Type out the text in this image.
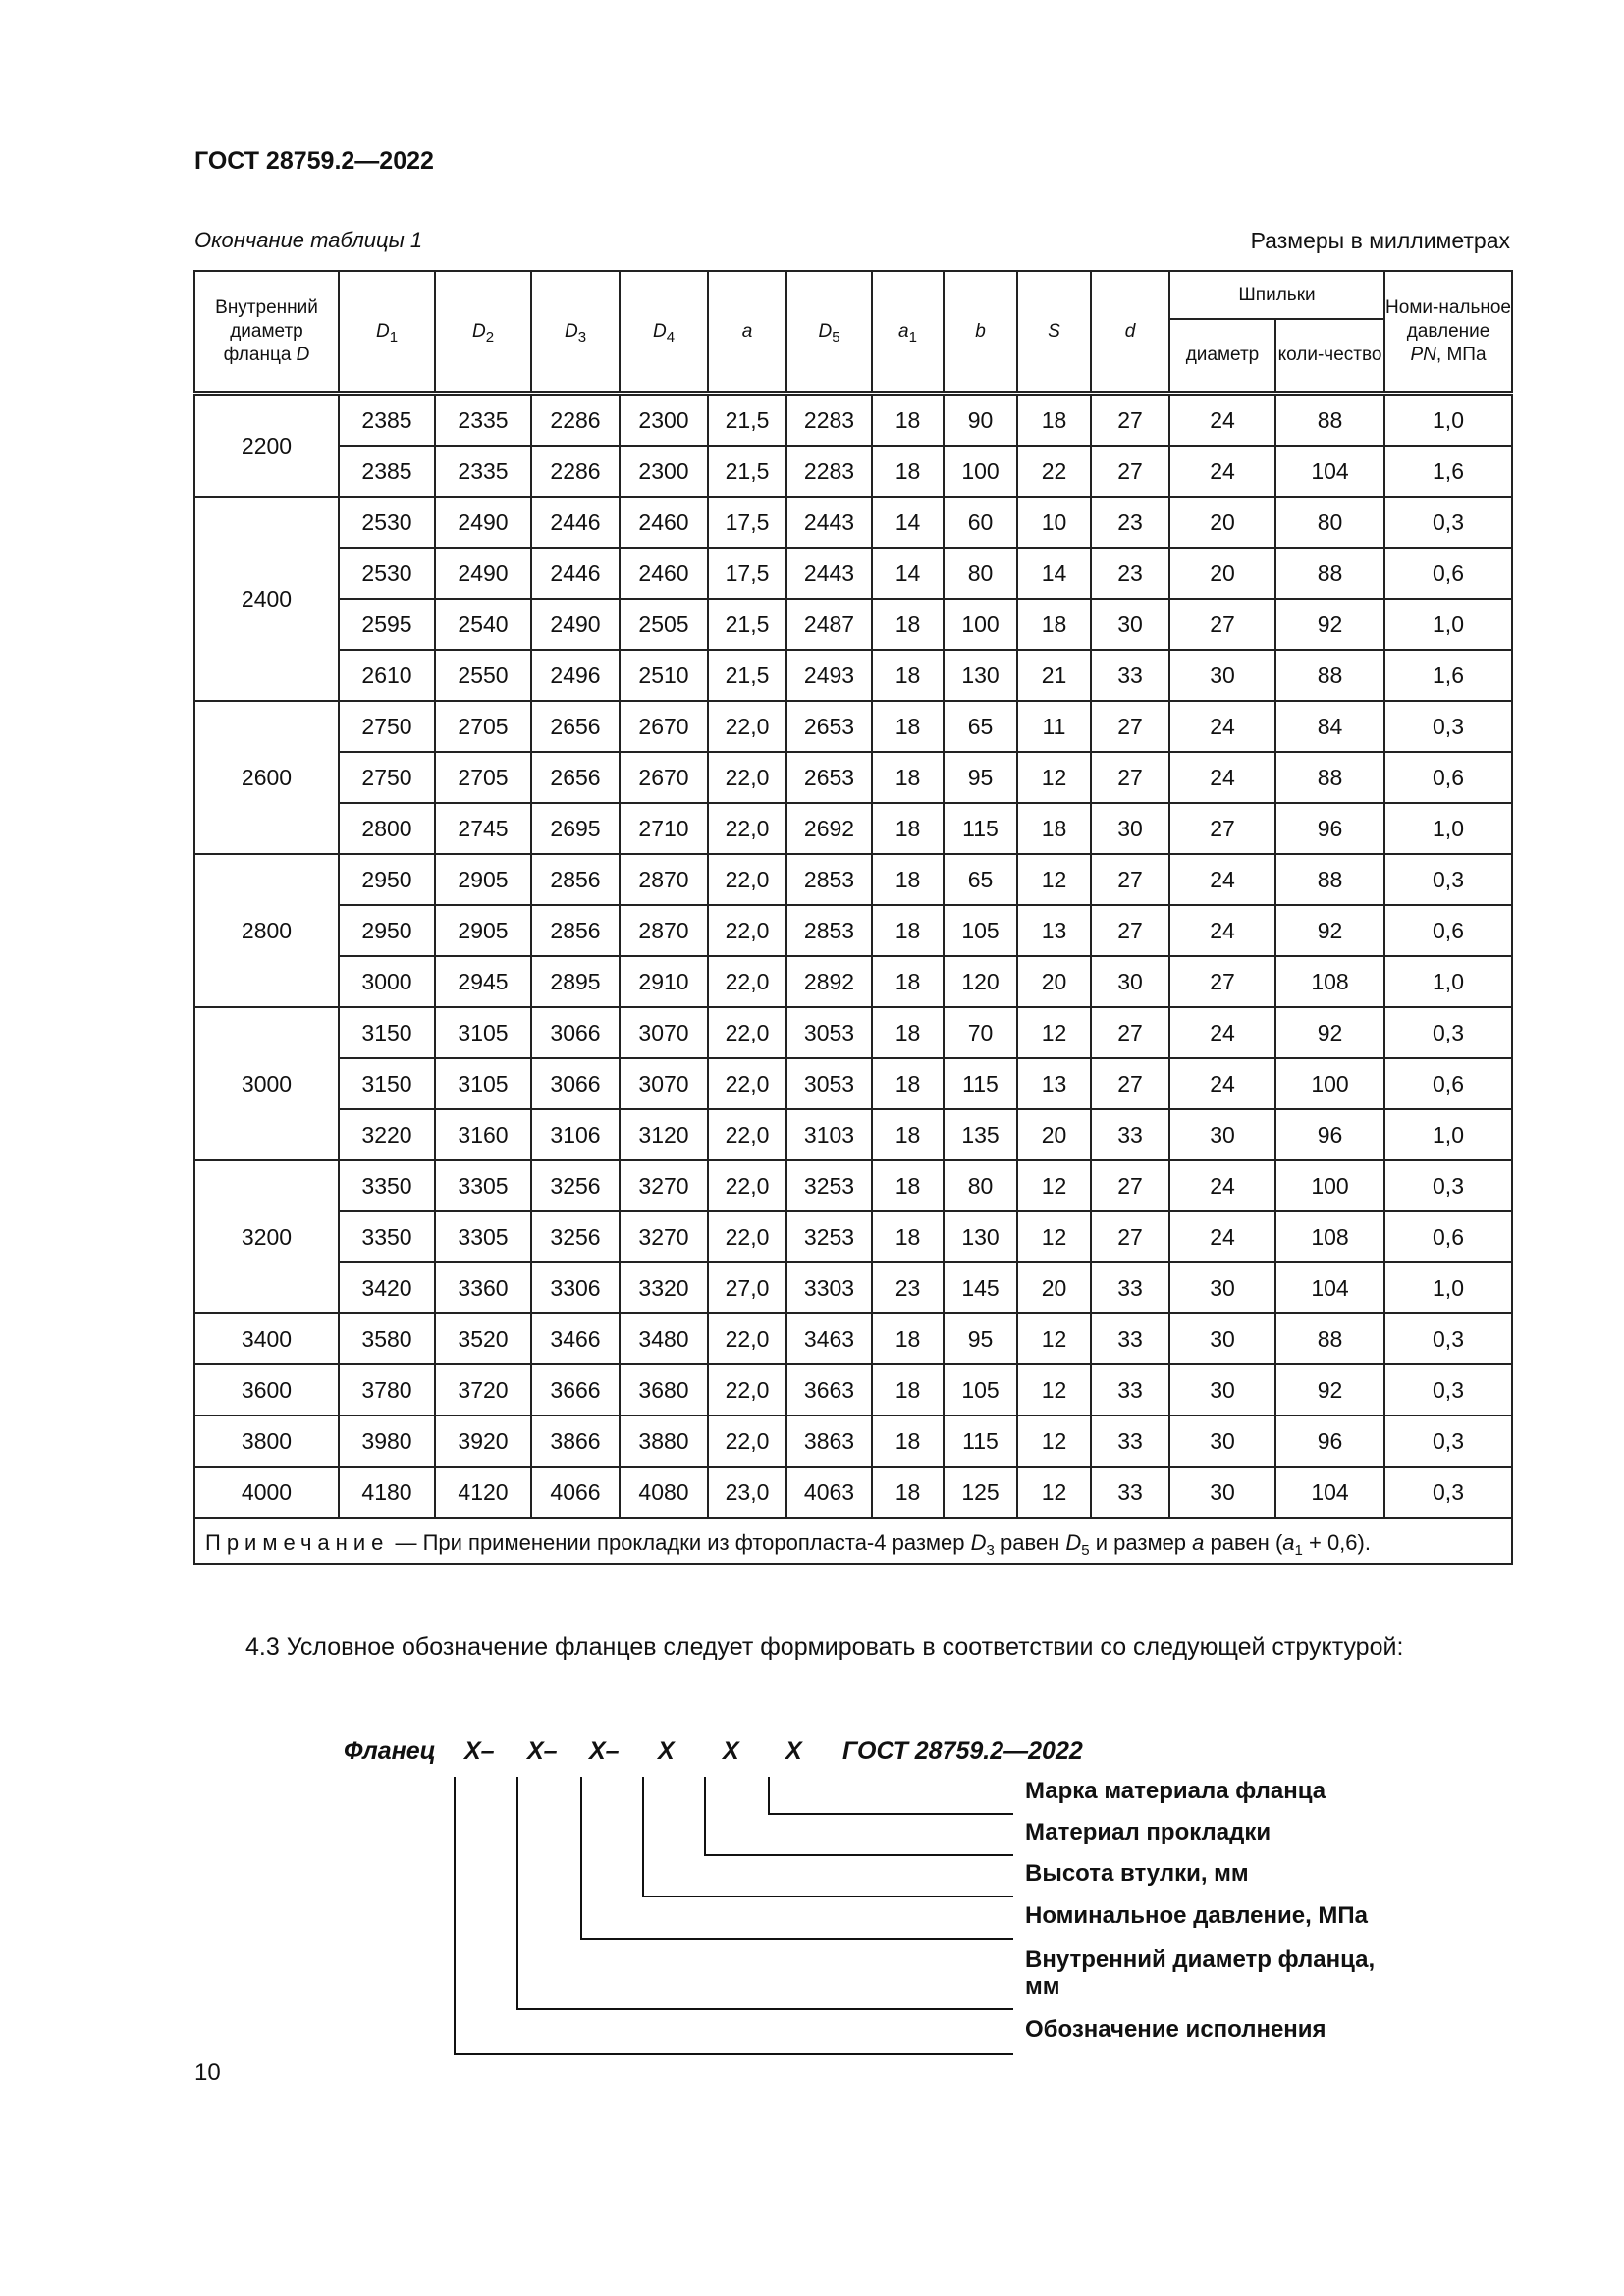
ГОСТ 28759.2—2022
Окончание таблицы 1	Размеры в миллиметрах
Внутренний диаметр фланца D	$D_1$	$D_2$	$D_3$	$D_4$	a	$D_5$	$a_1$	b	S	d	Шпильки		Номи-нальное давление
PN, МПа
											диаметр	коли-чество	
2200	2385	2335	2286	2300	21,5	2283	18	90	18	27	24	88	1,0
	2385	2335	2286	2300	21,5	2283	18	100	22	27	24	104	1,6
2400	2530	2490	2446	2460	17,5	2443	14	60	10	23	20	80	0,3
	2530	2490	2446	2460	17,5	2443	14	80	14	23	20	88	0,6
	2595	2540	2490	2505	21,5	2487	18	100	18	30	27	92	1,0
	2610	2550	2496	2510	21,5	2493	18	130	21	33	30	88	1,6
2600	2750	2705	2656	2670	22,0	2653	18	65	11	27	24	84	0,3
	2750	2705	2656	2670	22,0	2653	18	95	12	27	24	88	0,6
	2800	2745	2695	2710	22,0	2692	18	115	18	30	27	96	1,0
2800	2950	2905	2856	2870	22,0	2853	18	65	12	27	24	88	0,3
	2950	2905	2856	2870	22,0	2853	18	105	13	27	24	92	0,6
	3000	2945	2895	2910	22,0	2892	18	120	20	30	27	108	1,0
3000	3150	3105	3066	3070	22,0	3053	18	70	12	27	24	92	0,3
	3150	3105	3066	3070	22,0	3053	18	115	13	27	24	100	0,6
	3220	3160	3106	3120	22,0	3103	18	135	20	33	30	96	1,0
3200	3350	3305	3256	3270	22,0	3253	18	80	12	27	24	100	0,3
	3350	3305	3256	3270	22,0	3253	18	130	12	27	24	108	0,6
	3420	3360	3306	3320	27,0	3303	23	145	20	33	30	104	1,0
3400	3580	3520	3466	3480	22,0	3463	18	95	12	33	30	88	0,3
3600	3780	3720	3666	3680	22,0	3663	18	105	12	33	30	92	0,3
3800	3980	3920	3866	3880	22,0	3863	18	115	12	33	30	96	0,3
4000	4180	4120	4066	4080	23,0	4063	18	125	12	33	30	104	0,3
Примечание — При применении прокладки из фторопласта-4 размер $D_3$ равен $D_5$ и размер a равен $(a_1 + 0,6)$.													

4.3 Условное обозначение фланцев следует формировать в соответствии со следующей структурой:

Фланец X– X– X– X X X ГОСТ 28759.2—2022
Марка материала фланца
Материал прокладки
Высота втулки, мм
Номинальное давление, МПа
Внутренний диаметр фланца,
мм
Обозначение исполнения
10
